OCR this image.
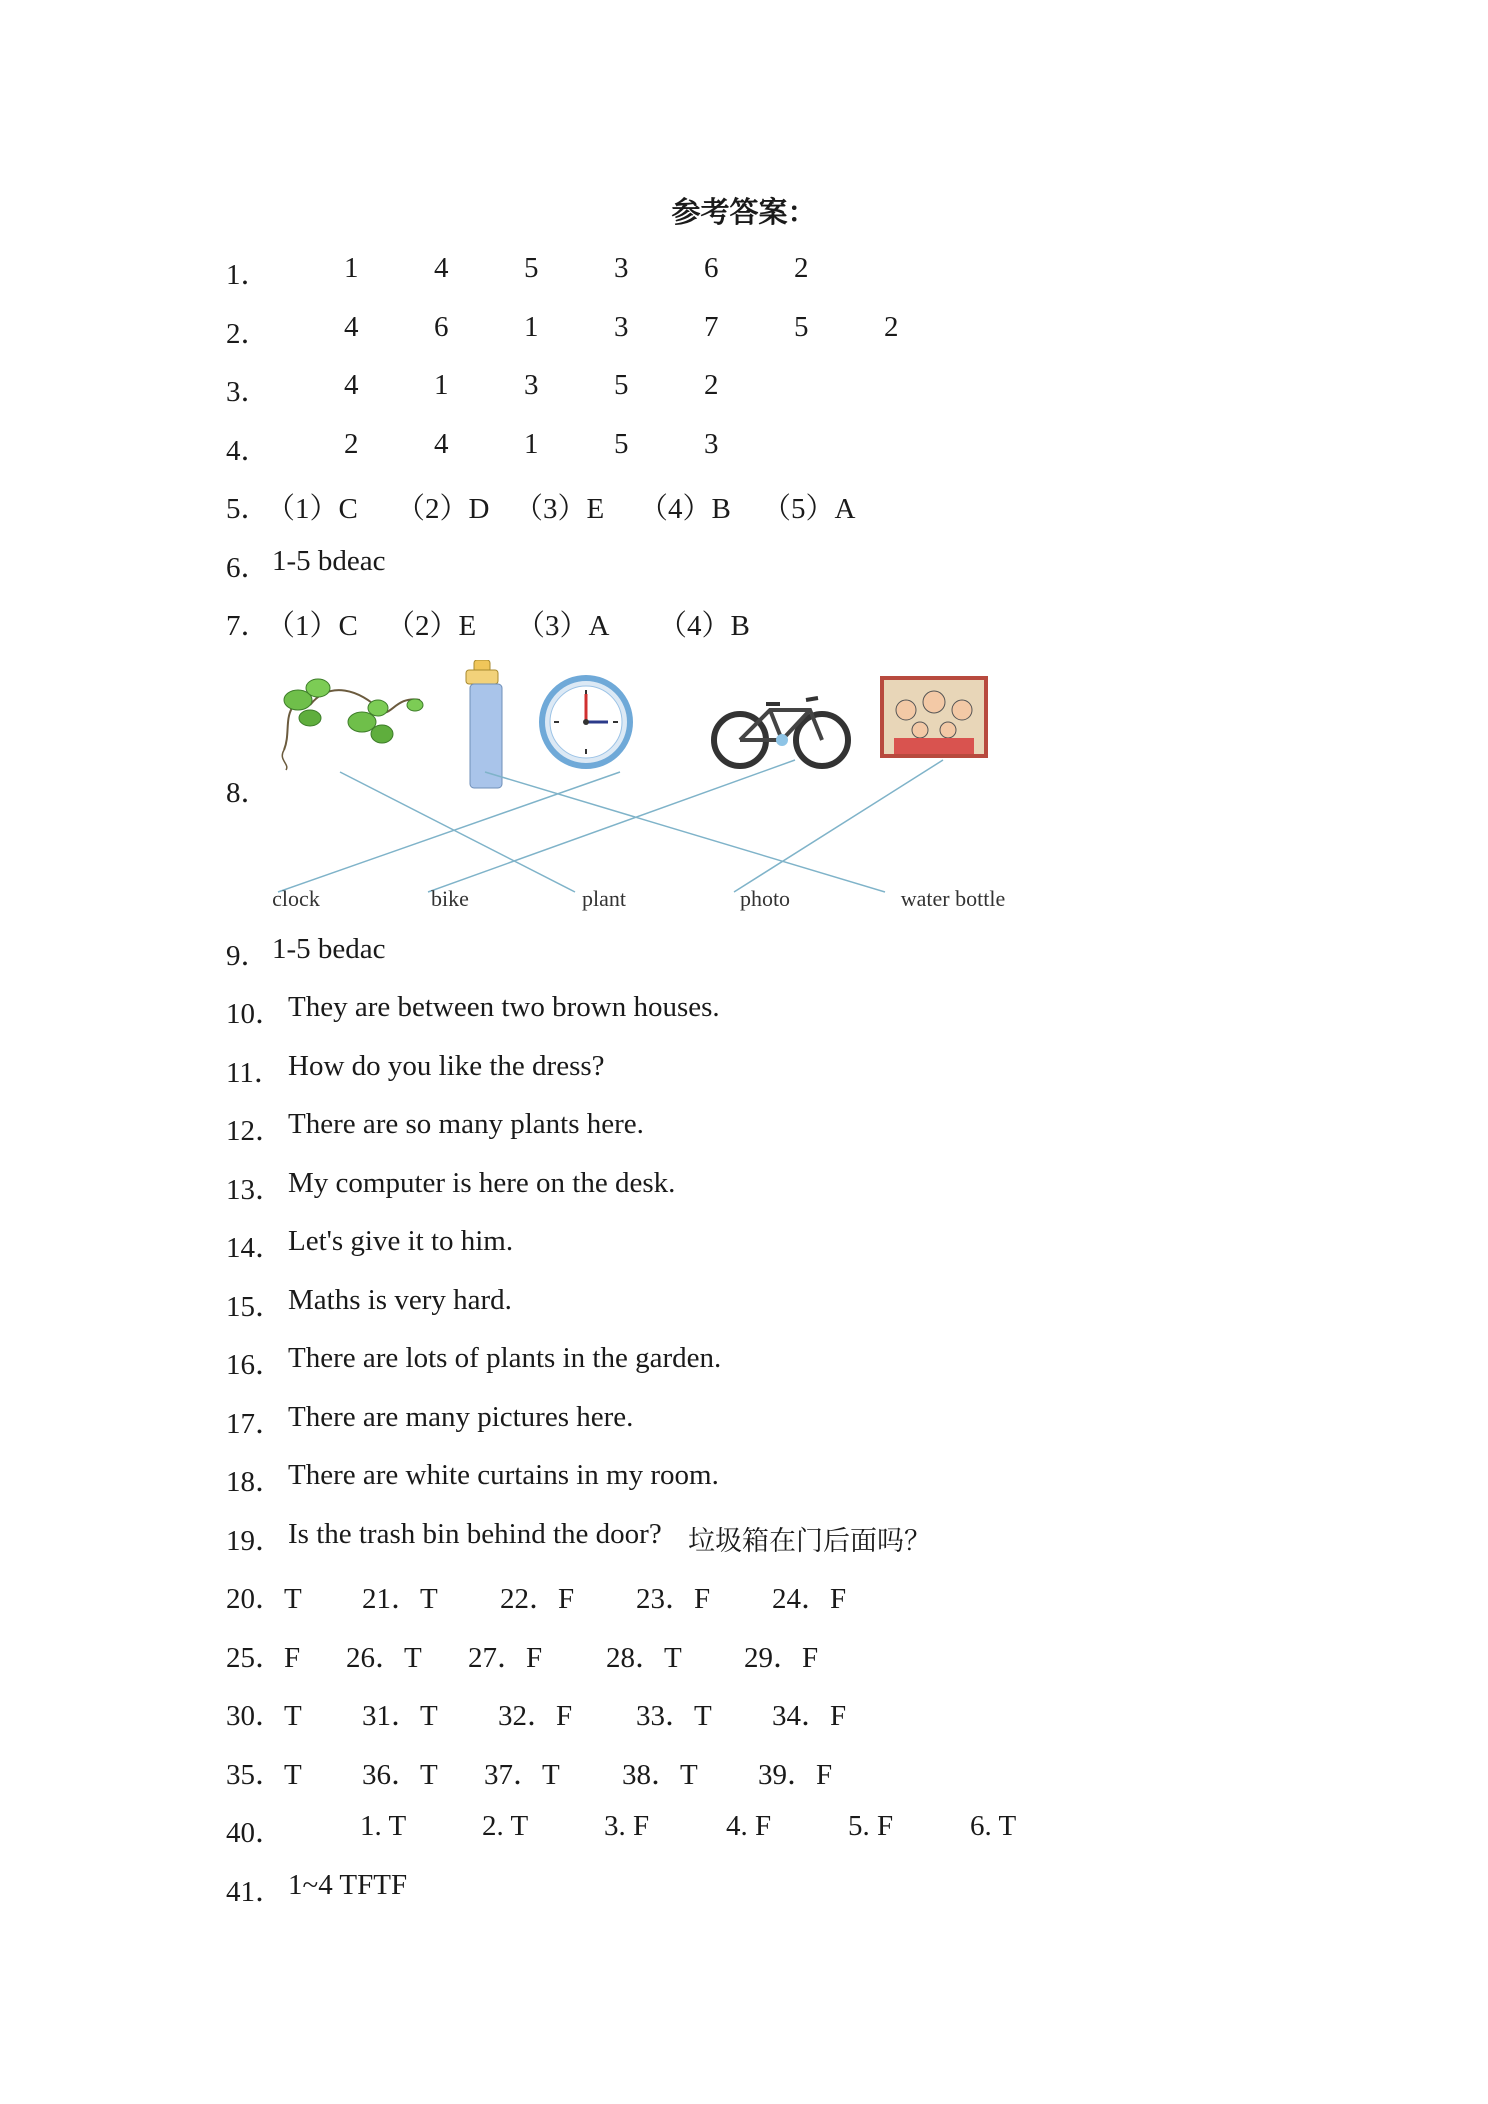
参考答案：
1．	1	4	5	3	6	2
2．	4	6	1	3	7	5	2
3．	4	1	3	5	2
4．	2	4	1	5	3
5．
（1）C （2）D （3）E （4）B （5）A
6． 1-5 bdeac
7．
（1）C （2）E （3）A （4）B
8．
clock	bike	plant	photo	water bottle
9． 1-5 bedac
10． They are between two brown houses.
11． How do you like the dress?
12． There are so many plants here.
13． My computer is here on the desk.
14． Let's give it to him.
15． Maths is very hard.
16． There are lots of plants in the garden.
17． There are many pictures here.
18． There are white curtains in my room.
19． Is the trash bin behind the door? 垃圾箱在门后面吗？
20．T 21．T 22．F 23．F 24．F
25．F 26．T 27．F 28．T 29．F
30．T 31．T 32．F 33．T 34．F
35．T 36．T 37．T 38．T 39．F
40．	1. T	2. T	3. F	4. F	5. F	6. T
41． 1~4 TFTF
